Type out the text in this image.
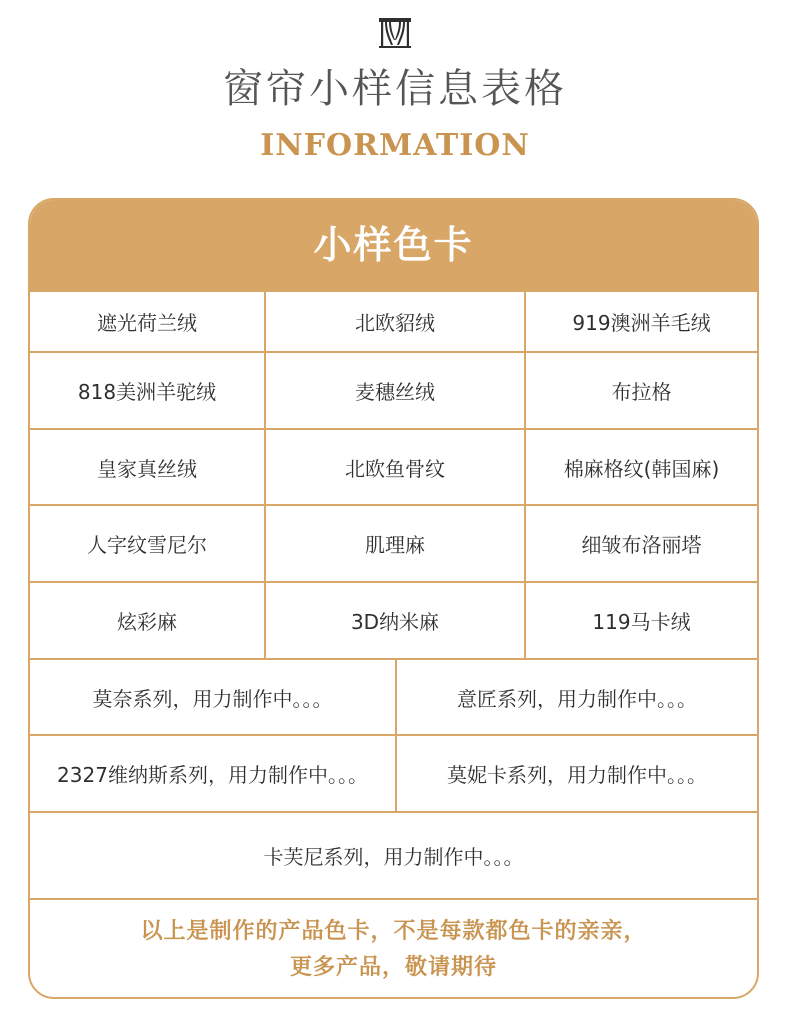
窗帘小样信息表格
INFORMATION
小样色卡
遮光荷兰绒	北欧貂绒	919澳洲羊毛绒
818美洲羊驼绒	麦穗丝绒	布拉格
皇家真丝绒	北欧鱼骨纹	棉麻格纹(韩国麻)
人字纹雪尼尔	肌理麻	细皱布洛丽塔
炫彩麻	3D纳米麻	119马卡绒
莫奈系列，用力制作中。。。	意匠系列，用力制作中。。。
2327维纳斯系列，用力制作中。。。	莫妮卡系列，用力制作中。。。
卡芙尼系列，用力制作中。。。
以上是制作的产品色卡，不是每款都色卡的亲亲，
更多产品，敬请期待
